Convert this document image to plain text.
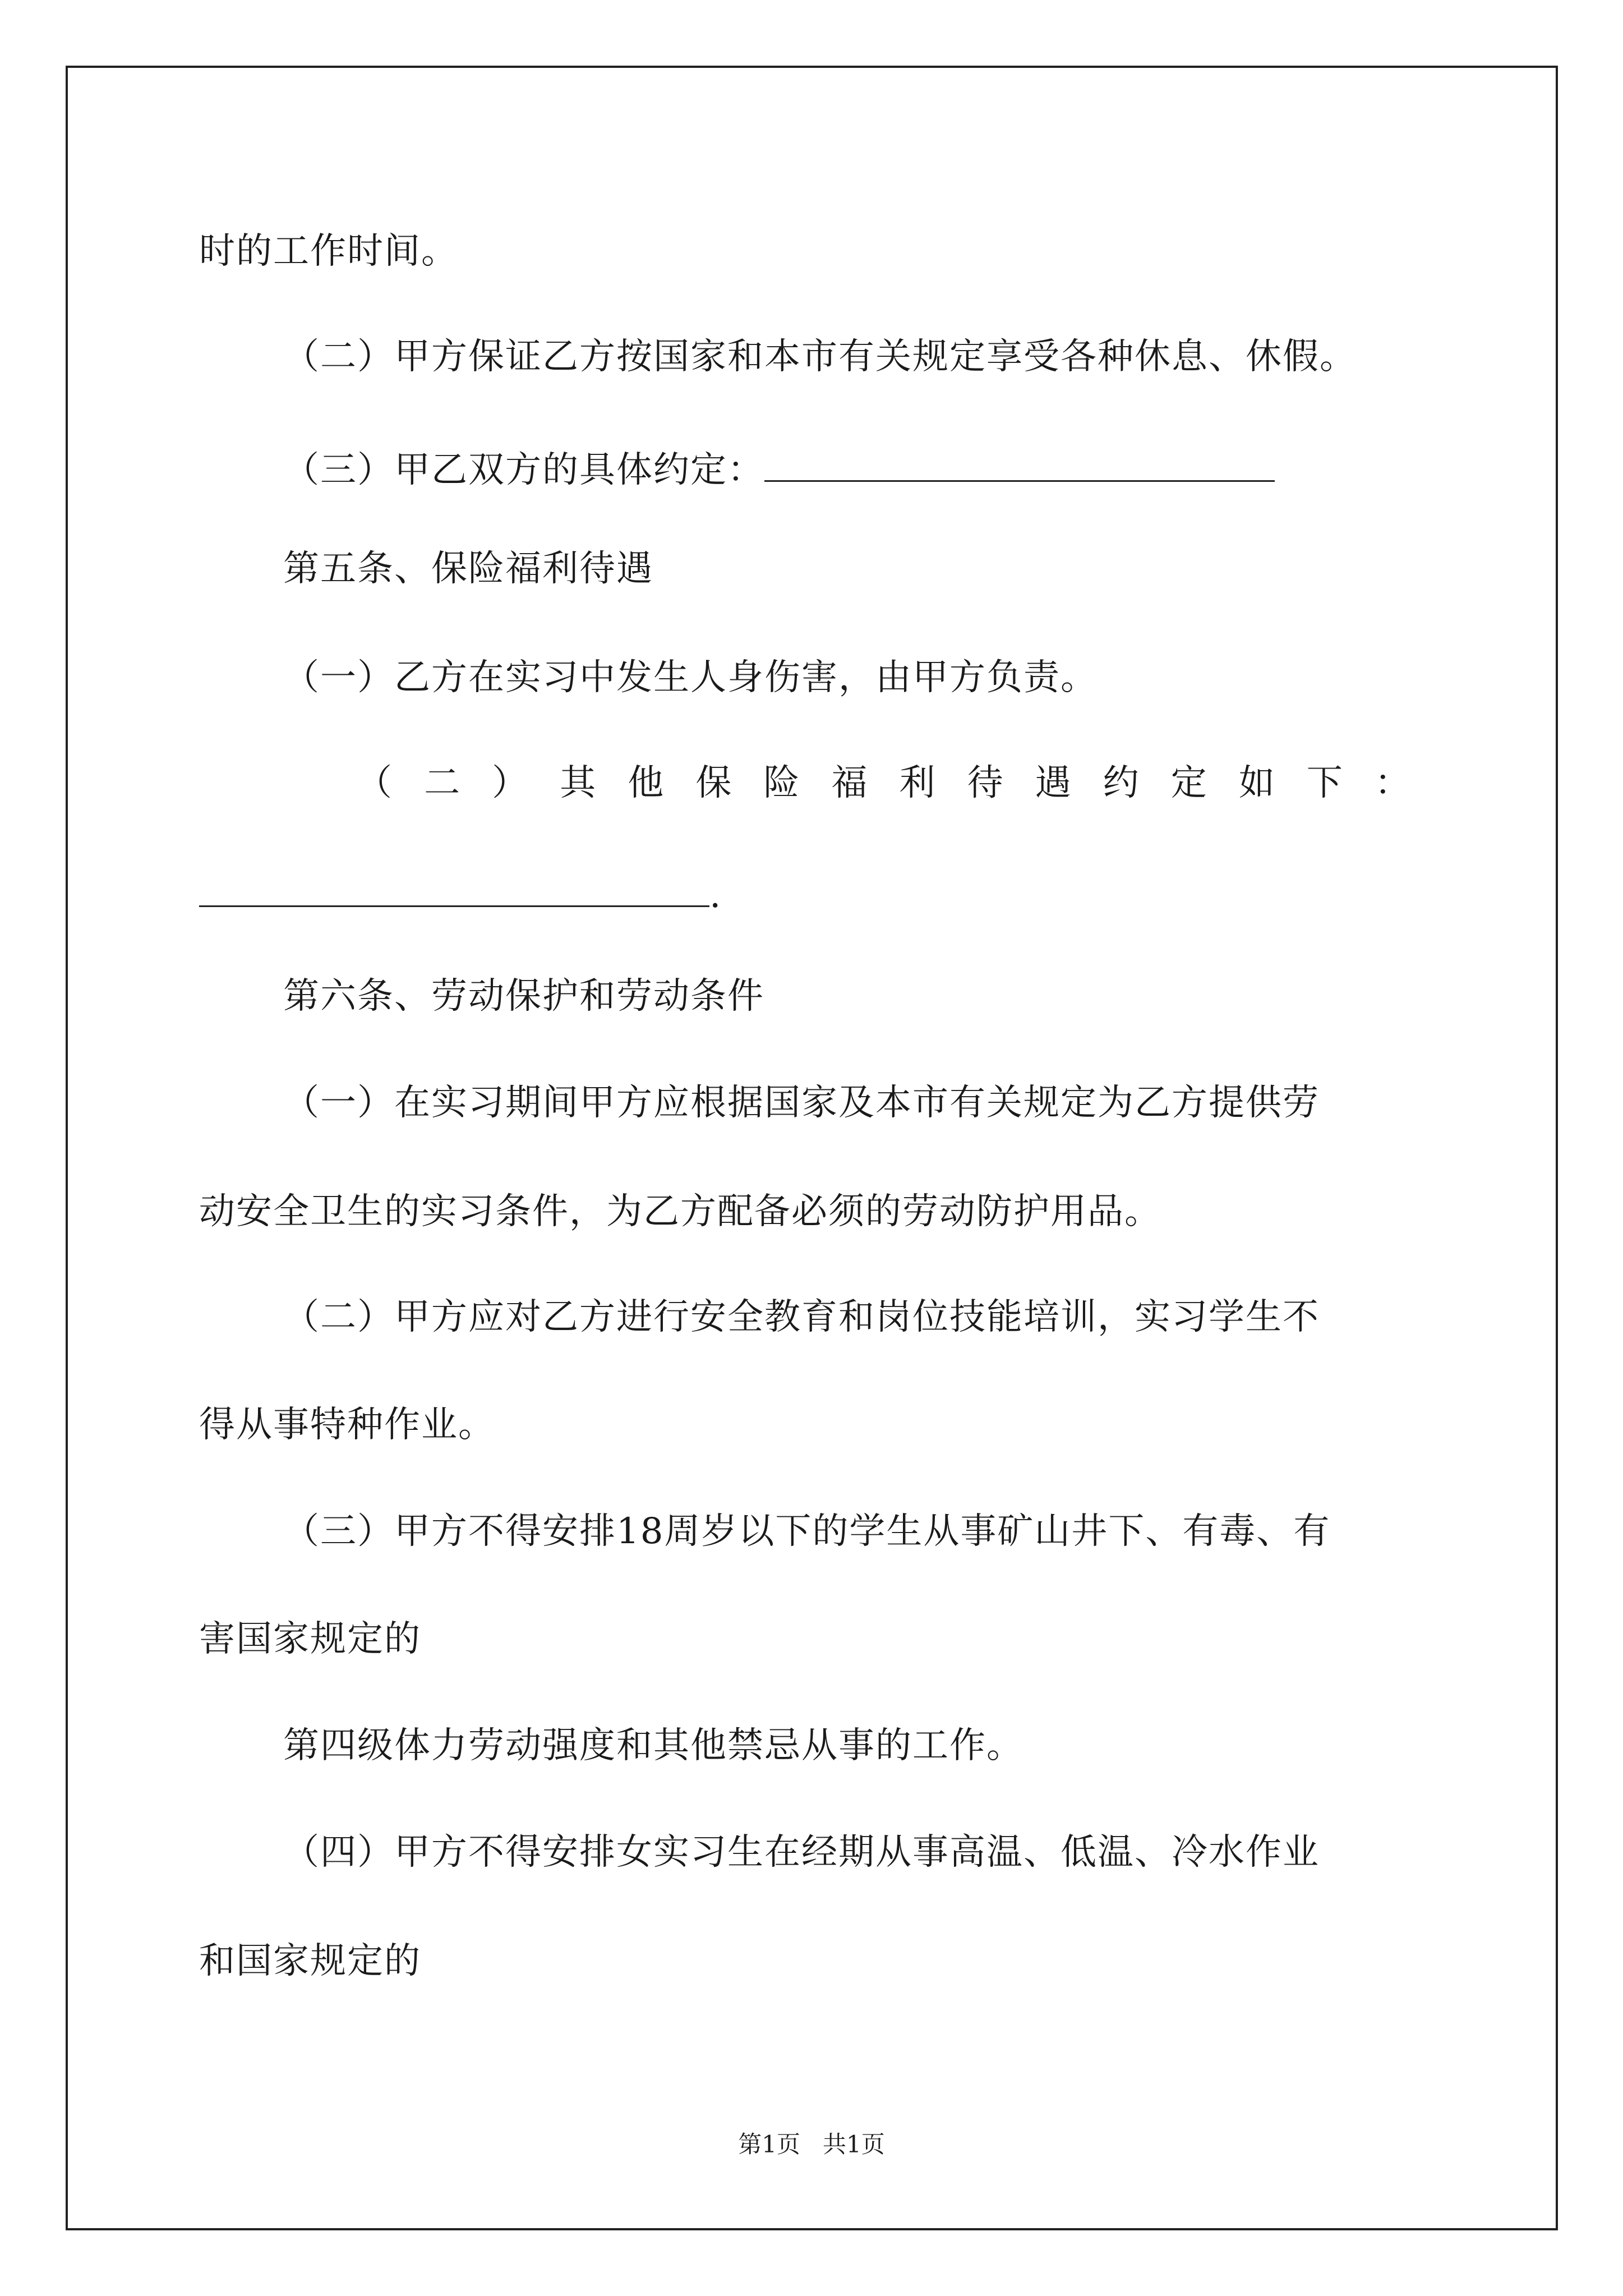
时的工作时间。
（二）甲方保证乙方按国家和本市有关规定享受各种休息、休假。
（三）甲乙双方的具体约定：
第五条、保险福利待遇
（一）乙方在实习中发生人身伤害，由甲方负责。
（ 二 ） 其 他 保 险 福 利 待 遇 约 定 如 下 ：
.
第六条、劳动保护和劳动条件
（一）在实习期间甲方应根据国家及本市有关规定为乙方提供劳
动安全卫生的实习条件，为乙方配备必须的劳动防护用品。
（二）甲方应对乙方进行安全教育和岗位技能培训，实习学生不
得从事特种作业。
（三）甲方不得安排18周岁以下的学生从事矿山井下、有毒、有
害国家规定的
第四级体力劳动强度和其他禁忌从事的工作。
（四）甲方不得安排女实习生在经期从事高温、低温、冷水作业
和国家规定的
第1页   共1页
